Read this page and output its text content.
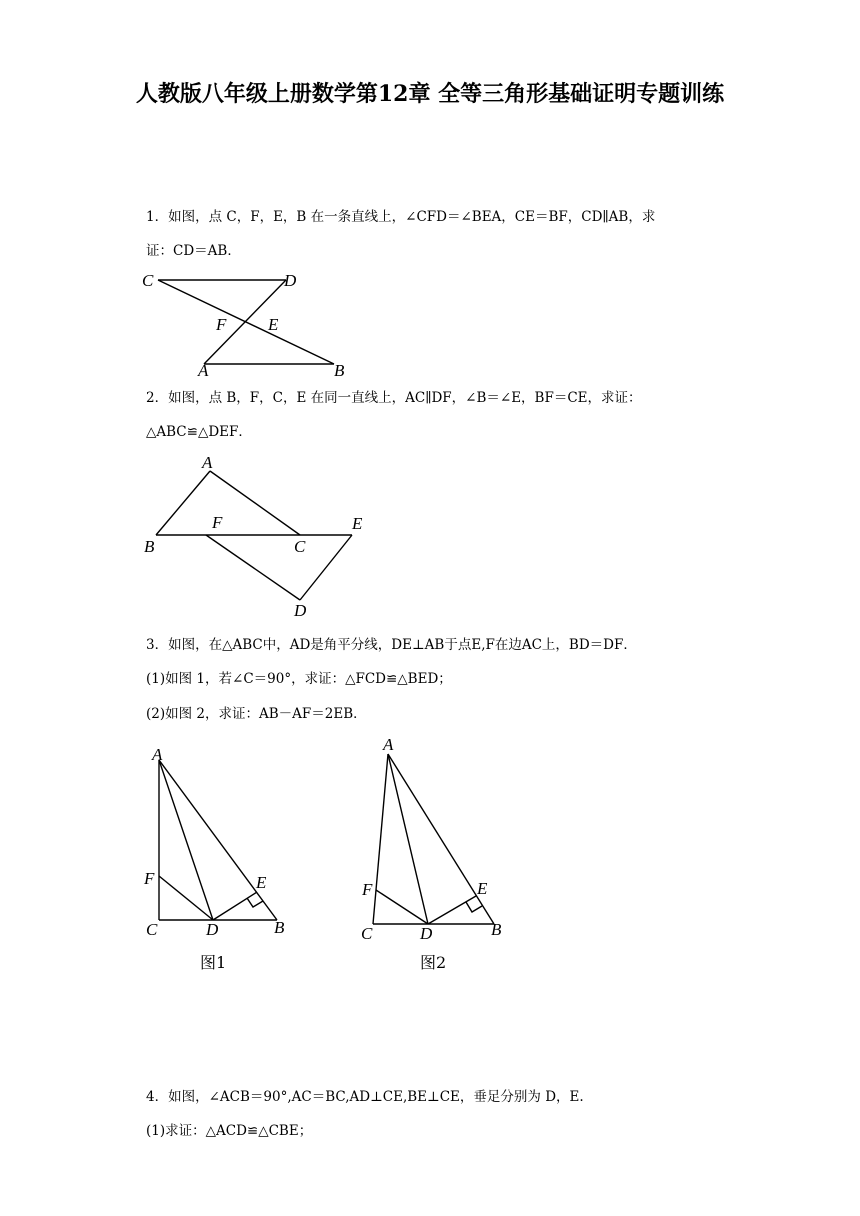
人教版八年级上册数学第12章 全等三角形基础证明专题训练
1．如图，点 C，F，E，B 在一条直线上，∠CFD＝∠BEA，CE＝BF，CD∥AB，求
证：CD＝AB．
C	D
F E
A	B
2．如图，点 B，F，C，E 在同一直线上，AC∥DF，∠B＝∠E，BF＝CE，求证：
△ABC≌△DEF．
A
B
F
C
E
D
3．如图，在△ABC中，AD是角平分线，DE⊥AB于点E,F在边AC上，BD＝DF．
(1)如图 1，若∠C＝90°，求证：△FCD≌△BED；
(2)如图 2，求证：AB－AF＝2EB．
A
F	E
C	D	B
图1
A
F	E
C	D	B
图2
4．如图，∠ACB＝90°,AC＝BC,AD⊥CE,BE⊥CE，垂足分别为 D，E.
(1)求证：△ACD≌△CBE；
